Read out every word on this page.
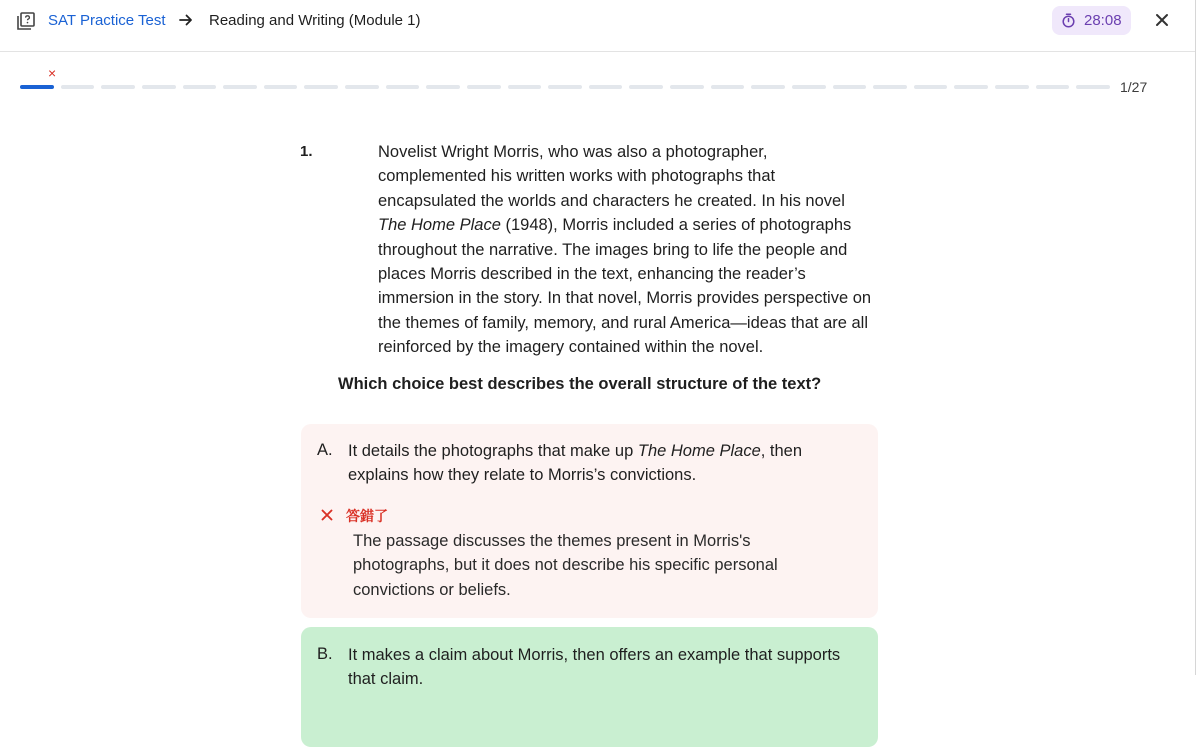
SAT Practice Test	Reading and Writing (Module 1)	28:08
×
1/27
1.	Novelist Wright Morris, who was also a photographer,
complemented his written works with photographs that
encapsulated the worlds and characters he created. In his novel
The Home Place (1948), Morris included a series of photographs
throughout the narrative. The images bring to life the people and
places Morris described in the text, enhancing the reader’s
immersion in the story. In that novel, Morris provides perspective on
the themes of family, memory, and rural America—ideas that are all
reinforced by the imagery contained within the novel.
Which choice best describes the overall structure of the text?
A. It details the photographs that make up The Home Place, then
explains how they relate to Morris’s convictions.
答錯了
The passage discusses the themes present in Morris's
photographs, but it does not describe his specific personal
convictions or beliefs.
B. It makes a claim about Morris, then offers an example that supports
that claim.
